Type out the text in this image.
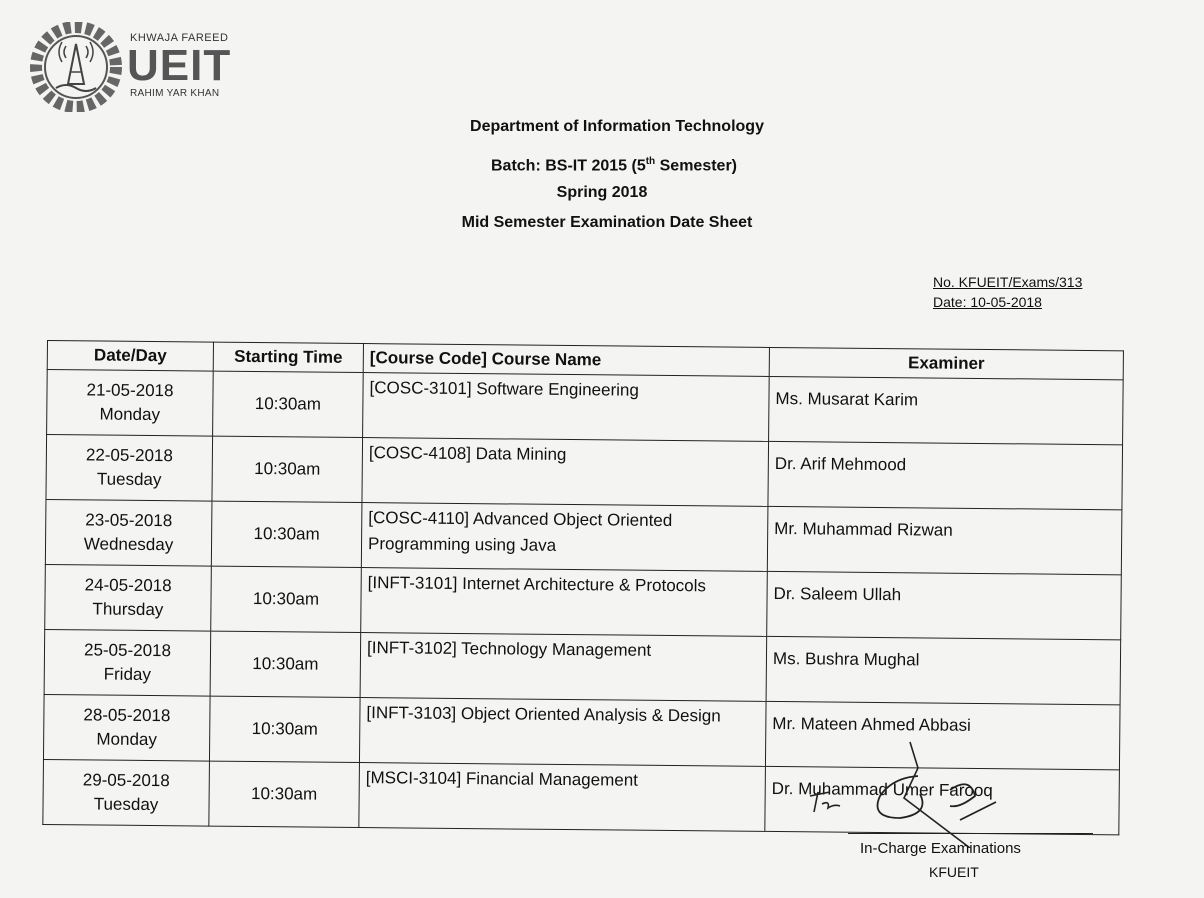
KHWAJA FAREED
UEIT
RAHIM YAR KHAN
Department of Information Technology
Batch: BS-IT 2015 (5th Semester)
Spring 2018
Mid Semester Examination Date Sheet
No. KFUEIT/Exams/313
Date: 10-05-2018
Date/Day	Starting Time	[Course Code] Course Name	Examiner
21-05-2018
Monday	10:30am	[COSC-3101] Software Engineering	Ms. Musarat Karim
22-05-2018
Tuesday	10:30am	[COSC-4108] Data Mining	Dr. Arif Mehmood
23-05-2018
Wednesday	10:30am	[COSC-4110] Advanced Object Oriented Programming using Java	Mr. Muhammad Rizwan
24-05-2018
Thursday	10:30am	[INFT-3101] Internet Architecture & Protocols	Dr. Saleem Ullah
25-05-2018
Friday	10:30am	[INFT-3102] Technology Management	Ms. Bushra Mughal
28-05-2018
Monday	10:30am	[INFT-3103] Object Oriented Analysis & Design	Mr. Mateen Ahmed Abbasi
29-05-2018
Tuesday	10:30am	[MSCI-3104] Financial Management	Dr. Muhammad Umer Farooq
In-Charge Examinations
KFUEIT
